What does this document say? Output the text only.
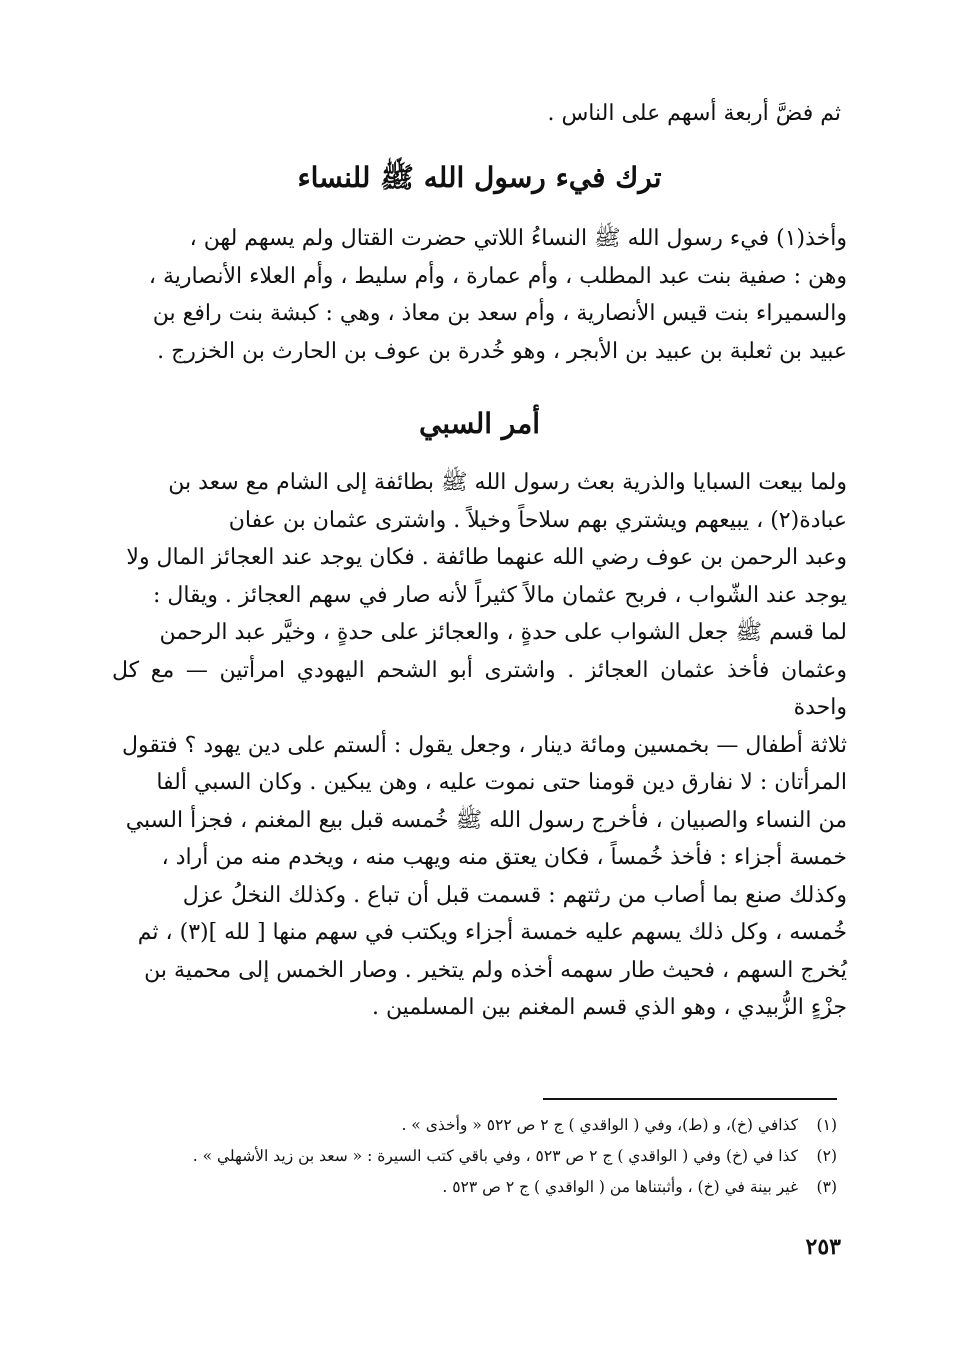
ثم فضَّ أربعة أسهم على الناس .
ترك فيء رسول الله ﷺ للنساء

وأخذ(١) فيء رسول الله ﷺ النساءُ اللاتي حضرت القتال ولم يسهم لهن ،

وهن : صفية بنت عبد المطلب ، وأم عمارة ، وأم سليط ، وأم العلاء الأنصارية ،

والسميراء بنت قيس الأنصارية ، وأم سعد بن معاذ ، وهي : كبشة بنت رافع بن

عبيد بن ثعلبة بن عبيد بن الأبجر ، وهو خُدرة بن عوف بن الحارث بن الخزرج .

أمر السبي

ولما بيعت السبايا والذرية بعث رسول الله ﷺ بطائفة إلى الشام مع سعد بن

عبادة(٢) ، يبيعهم ويشتري بهم سلاحاً وخيلاً . واشترى عثمان بن عفان

وعبد الرحمن بن عوف رضي الله عنهما طائفة . فكان يوجد عند العجائز المال ولا

يوجد عند الشّواب ، فربح عثمان مالاً كثيراً لأنه صار في سهم العجائز . ويقال :

لما قسم ﷺ جعل الشواب على حدةٍ ، والعجائز على حدةٍ ، وخيَّر عبد الرحمن

وعثمان فأخذ عثمان العجائز . واشترى أبو الشحم اليهودي امرأتين — مع كل واحدة

ثلاثة أطفال — بخمسين ومائة دينار ، وجعل يقول : ألستم على دين يهود ؟ فتقول

المرأتان : لا نفارق دين قومنا حتى نموت عليه ، وهن يبكين . وكان السبي ألفا

من النساء والصبيان ، فأخرج رسول الله ﷺ خُمسه قبل بيع المغنم ، فجزأ السبي

خمسة أجزاء : فأخذ خُمساً ، فكان يعتق منه ويهب منه ، ويخدم منه من أراد ،

وكذلك صنع بما أصاب من رثتهم : قسمت قبل أن تباع . وكذلك النخلُ عزل

خُمسه ، وكل ذلك يسهم عليه خمسة أجزاء ويكتب في سهم منها [ لله ](٣) ، ثم

يُخرج السهم ، فحيث طار سهمه أخذه ولم يتخير . وصار الخمس إلى محمية بن

جزْءٍ الزُّبيدي ، وهو الذي قسم المغنم بين المسلمين .

(١) كذافي (خ)، و (ط)، وفي ( الواقدي ) ج ٢ ص ٥٢٢ « وأخذى » .
(٢) كذا في (خ) وفي ( الواقدي ) ج ٢ ص ٥٢٣ ، وفي باقي كتب السيرة : « سعد بن زيد الأشهلي » .
(٣) غير بينة في (خ) ، وأثبتناها من ( الواقدي ) ج ٢ ص ٥٢٣ .
٢٥٣
